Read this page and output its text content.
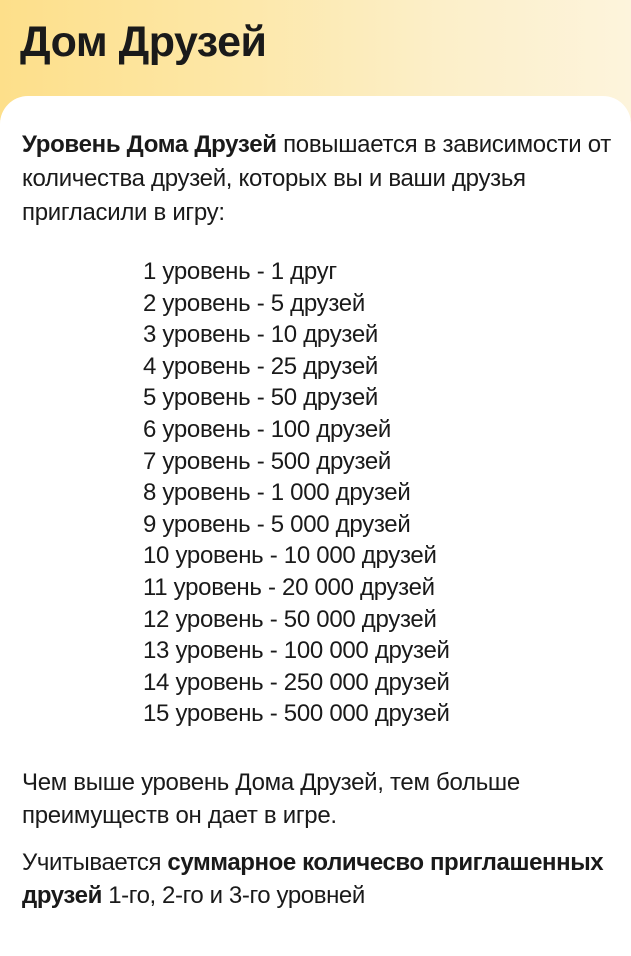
Дом Друзей

Уровень Дома Друзей повышается в зависимости от количества друзей, которых вы и ваши друзья пригласили в игру:

1 уровень - 1 друг
2 уровень - 5 друзей
3 уровень - 10 друзей
4 уровень - 25 друзей
5 уровень - 50 друзей
6 уровень - 100 друзей
7 уровень - 500 друзей
8 уровень - 1 000 друзей
9 уровень - 5 000 друзей
10 уровень - 10 000 друзей
11 уровень - 20 000 друзей
12 уровень - 50 000 друзей
13 уровень - 100 000 друзей
14 уровень - 250 000 друзей
15 уровень - 500 000 друзей

Чем выше уровень Дома Друзей, тем больше преимуществ он дает в игре.

Учитывается суммарное количесво приглашенных друзей 1-го, 2-го и 3-го уровней
